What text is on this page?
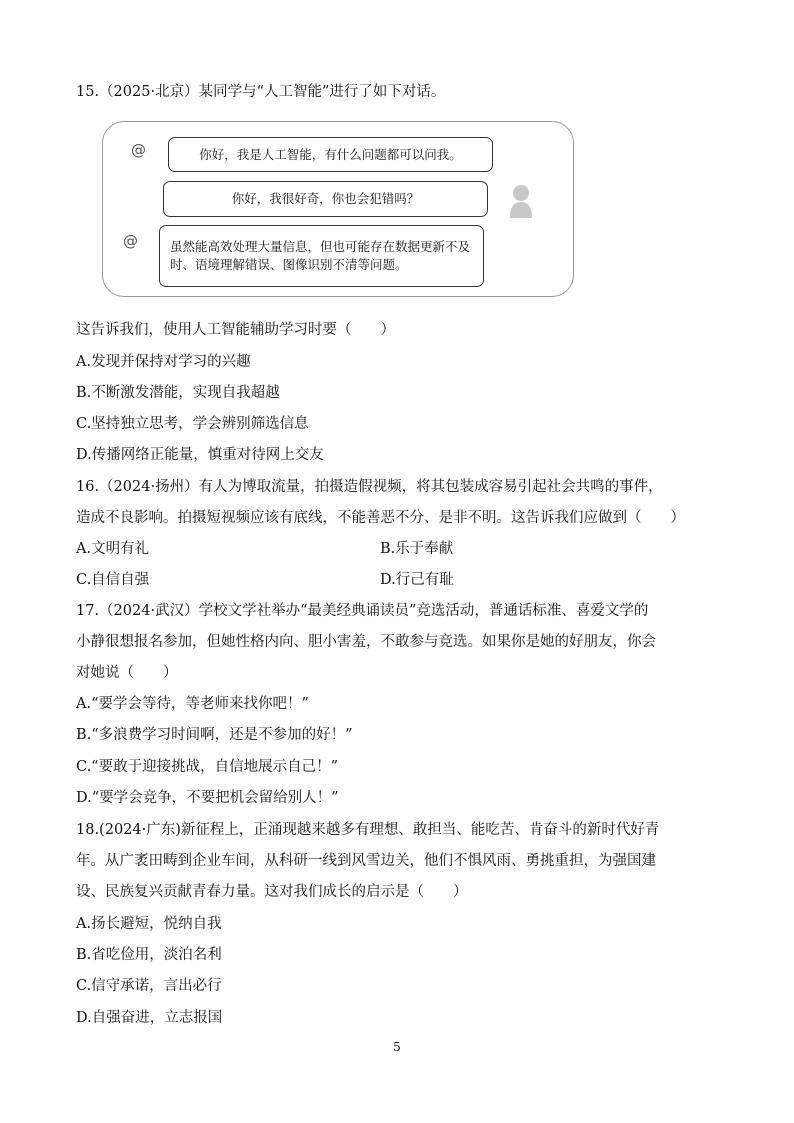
15.（2025·北京）某同学与“人工智能”进行了如下对话。
@	你好，我是人工智能，有什么问题都可以问我。
你好，我很好奇，你也会犯错吗？
@	虽然能高效处理大量信息，但也可能存在数据更新不及
时、语境理解错误、图像识别不清等问题。
这告诉我们，使用人工智能辅助学习时要（　　）
A.发现并保持对学习的兴趣
B.不断激发潜能，实现自我超越
C.坚持独立思考，学会辨别筛选信息
D.传播网络正能量，慎重对待网上交友
16.（2024·扬州）有人为博取流量，拍摄造假视频，将其包装成容易引起社会共鸣的事件，
造成不良影响。拍摄短视频应该有底线，不能善恶不分、是非不明。这告诉我们应做到（　　）
A.文明有礼	B.乐于奉献
C.自信自强	D.行己有耻
17.（2024·武汉）学校文学社举办“最美经典诵读员”竞选活动，普通话标准、喜爱文学的
小静很想报名参加，但她性格内向、胆小害羞，不敢参与竞选。如果你是她的好朋友，你会
对她说（　　）
A.“要学会等待，等老师来找你吧！”
B.“多浪费学习时间啊，还是不参加的好！”
C.“要敢于迎接挑战，自信地展示自己！”
D.“要学会竞争，不要把机会留给别人！”
18.(2024·广东)新征程上，正涌现越来越多有理想、敢担当、能吃苦、肯奋斗的新时代好青
年。从广袤田畴到企业车间，从科研一线到风雪边关，他们不惧风雨、勇挑重担，为强国建
设、民族复兴贡献青春力量。这对我们成长的启示是（　　）
A.扬长避短，悦纳自我
B.省吃俭用，淡泊名利
C.信守承诺，言出必行
D.自强奋进，立志报国
5
